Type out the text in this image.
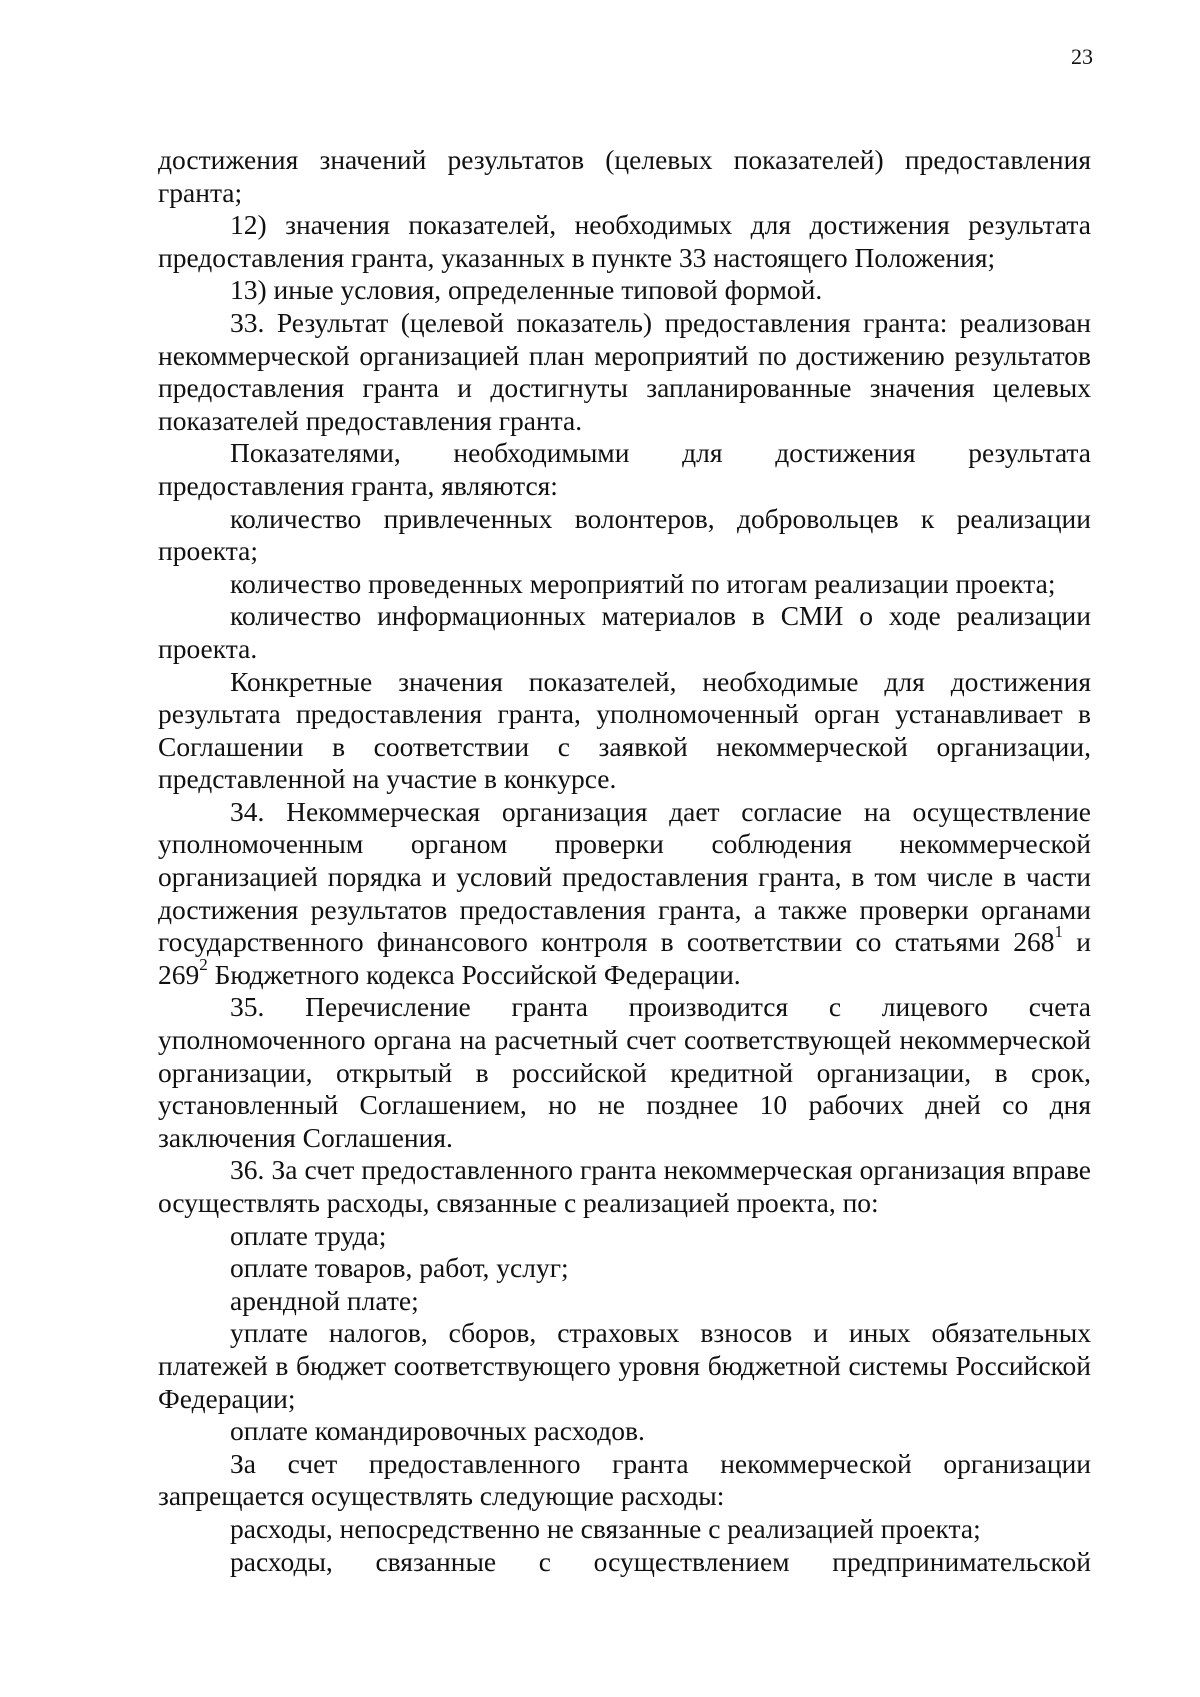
23

достижения значений результатов (целевых показателей) предоставления гранта;

12) значения показателей, необходимых для достижения результата предоставления гранта, указанных в пункте 33 настоящего Положения;

13) иные условия, определенные типовой формой.

33. Результат (целевой показатель) предоставления гранта: реализован некоммерческой организацией план мероприятий по достижению результатов предоставления гранта и достигнуты запланированные значения целевых показателей предоставления гранта.

Показателями, необходимыми для достижения результата предоставления гранта, являются:

количество привлеченных волонтеров, добровольцев к реализации проекта;

количество проведенных мероприятий по итогам реализации проекта;

количество информационных материалов в СМИ о ходе реализации проекта.

Конкретные значения показателей, необходимые для достижения результата предоставления гранта, уполномоченный орган устанавливает в Соглашении в соответствии с заявкой некоммерческой организации, представленной на участие в конкурсе.

34. Некоммерческая организация дает согласие на осуществление уполномоченным органом проверки соблюдения некоммерческой организацией порядка и условий предоставления гранта, в том числе в части достижения результатов предоставления гранта, а также проверки органами государственного финансового контроля в соответствии со статьями $268^1$ и $269^2$ Бюджетного кодекса Российской Федерации.

35. Перечисление гранта производится с лицевого счета уполномоченного органа на расчетный счет соответствующей некоммерческой организации, открытый в российской кредитной организации, в срок, установленный Соглашением, но не позднее 10 рабочих дней со дня заключения Соглашения.

36. За счет предоставленного гранта некоммерческая организация вправе осуществлять расходы, связанные с реализацией проекта, по:

оплате труда;

оплате товаров, работ, услуг;

арендной плате;

уплате налогов, сборов, страховых взносов и иных обязательных платежей в бюджет соответствующего уровня бюджетной системы Российской Федерации;

оплате командировочных расходов.

За счет предоставленного гранта некоммерческой организации запрещается осуществлять следующие расходы:

расходы, непосредственно не связанные с реализацией проекта;

расходы, связанные с осуществлением предпринимательской
